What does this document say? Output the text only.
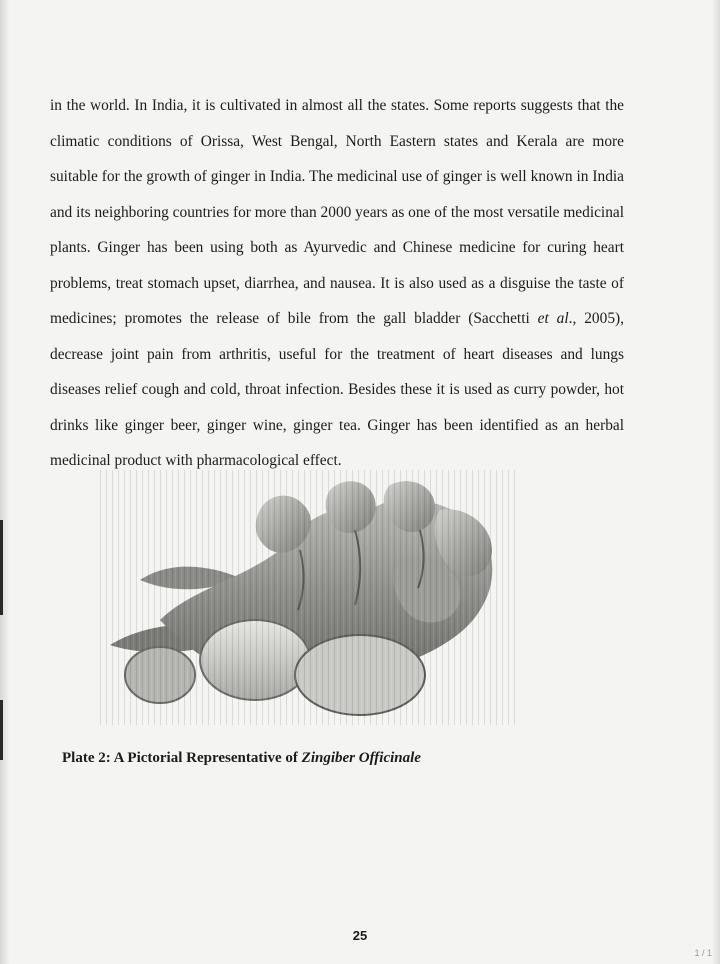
in the world. In India, it is cultivated in almost all the states. Some reports suggests that the climatic conditions of Orissa, West Bengal, North Eastern states and Kerala are more suitable for the growth of ginger in India. The medicinal use of ginger is well known in India and its neighboring countries for more than 2000 years as one of the most versatile medicinal plants. Ginger has been using both as Ayurvedic and Chinese medicine for curing heart problems, treat stomach upset, diarrhea, and nausea. It is also used as a disguise the taste of medicines; promotes the release of bile from the gall bladder (Sacchetti et al., 2005), decrease joint pain from arthritis, useful for the treatment of heart diseases and lungs diseases relief cough and cold, throat infection. Besides these it is used as curry powder, hot drinks like ginger beer, ginger wine, ginger tea. Ginger has been identified as an herbal medicinal product with pharmacological effect.

Plate 2: A Pictorial Representative of Zingiber Officinale

25
1 / 1
